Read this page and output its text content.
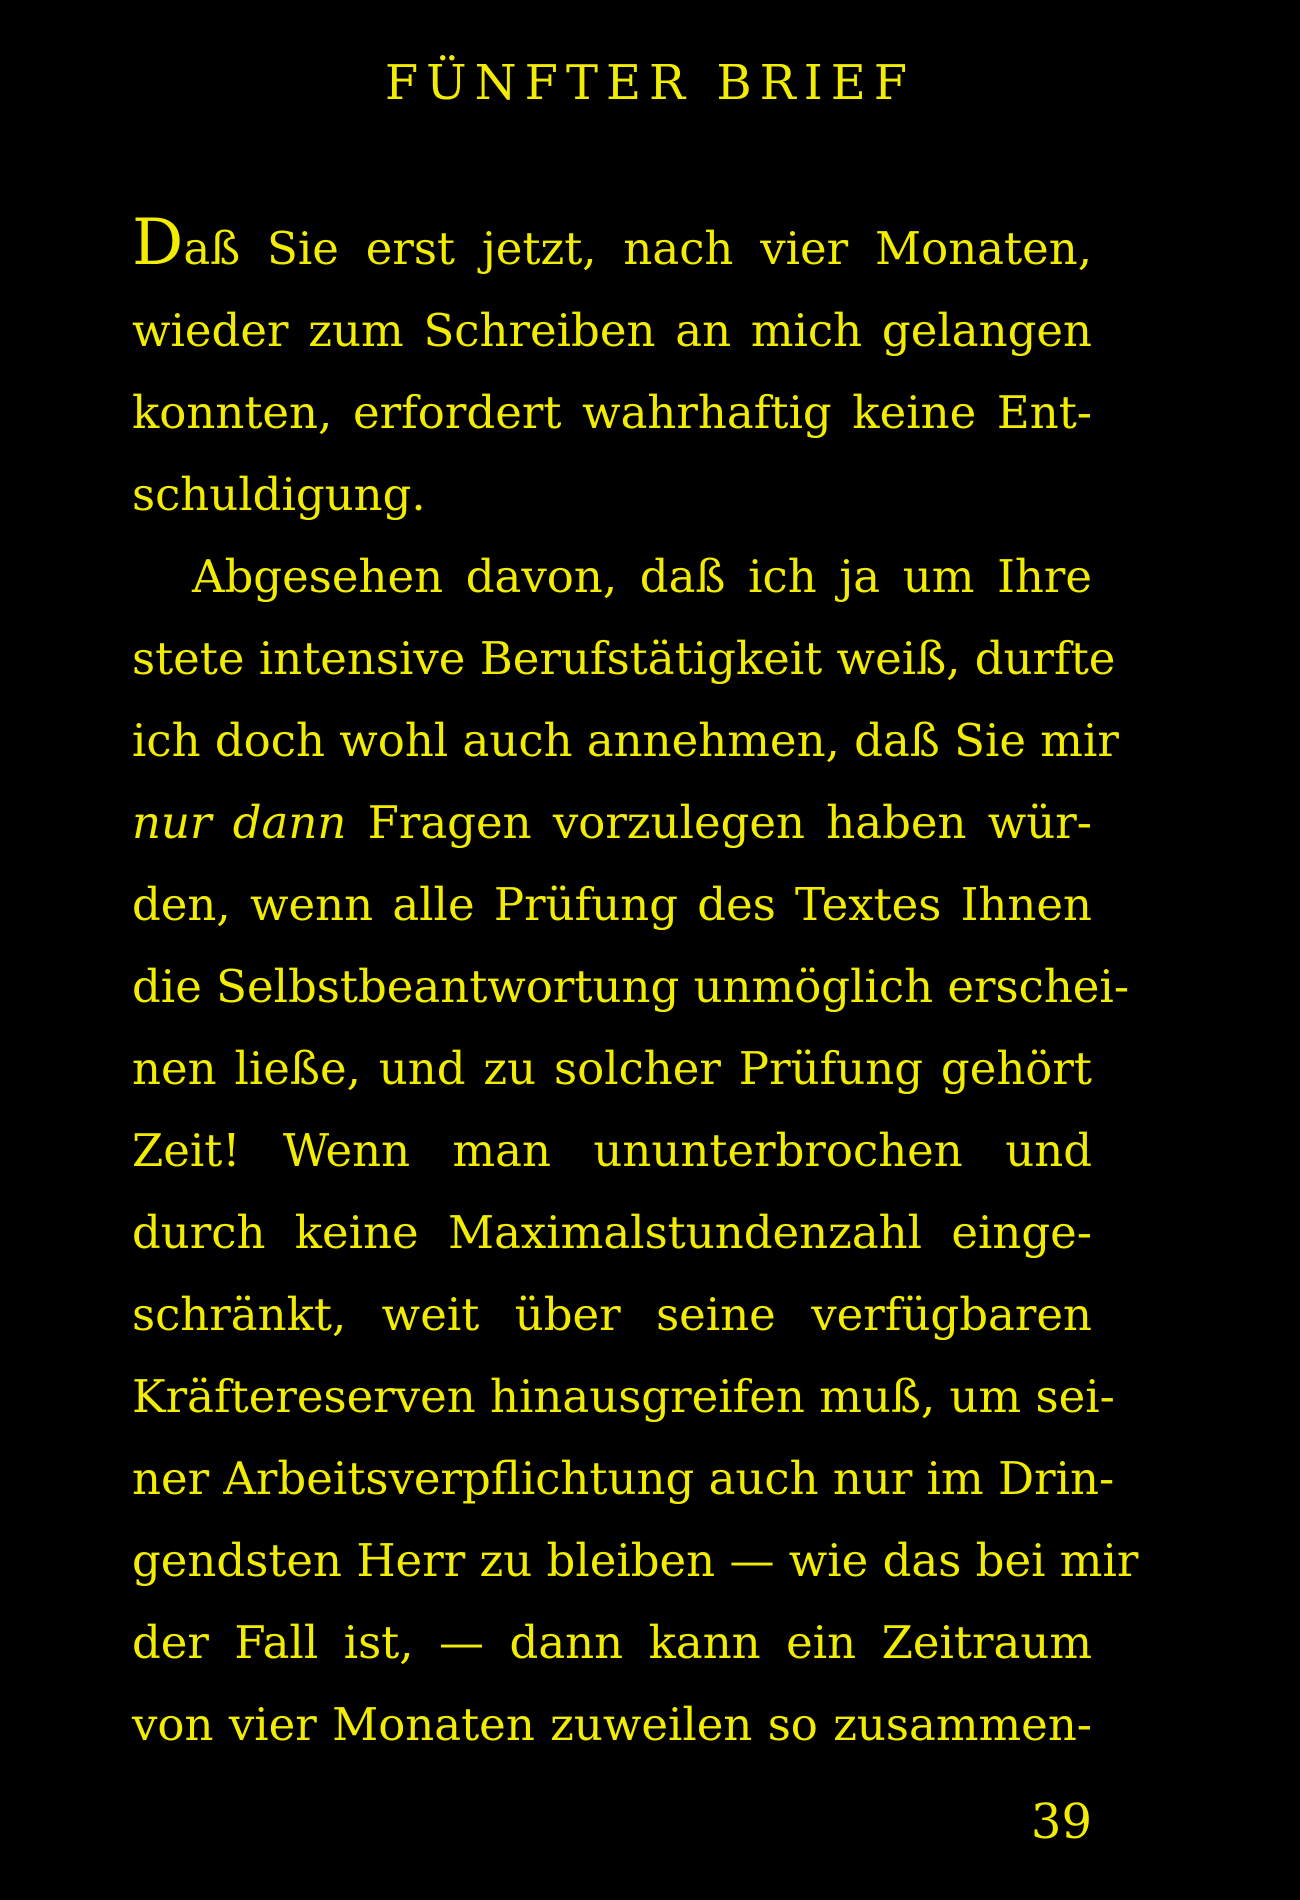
FÜNFTER BRIEF
Daß Sie erst jetzt, nach vier Monaten,
wieder zum Schreiben an mich gelangen
konnten, erfordert wahrhaftig keine Ent-
schuldigung.
Abgesehen davon, daß ich ja um Ihre
stete intensive Berufstätigkeit weiß, durfte
ich doch wohl auch annehmen, daß Sie mir
nur dann Fragen vorzulegen haben wür-
den, wenn alle Prüfung des Textes Ihnen
die Selbstbeantwortung unmöglich erschei-
nen ließe, und zu solcher Prüfung gehört
Zeit! Wenn man ununterbrochen und
durch keine Maximalstundenzahl einge-
schränkt, weit über seine verfügbaren
Kräftereserven hinausgreifen muß, um sei-
ner Arbeitsverpflichtung auch nur im Drin-
gendsten Herr zu bleiben — wie das bei mir
der Fall ist, — dann kann ein Zeitraum
von vier Monaten zuweilen so zusammen-

39
